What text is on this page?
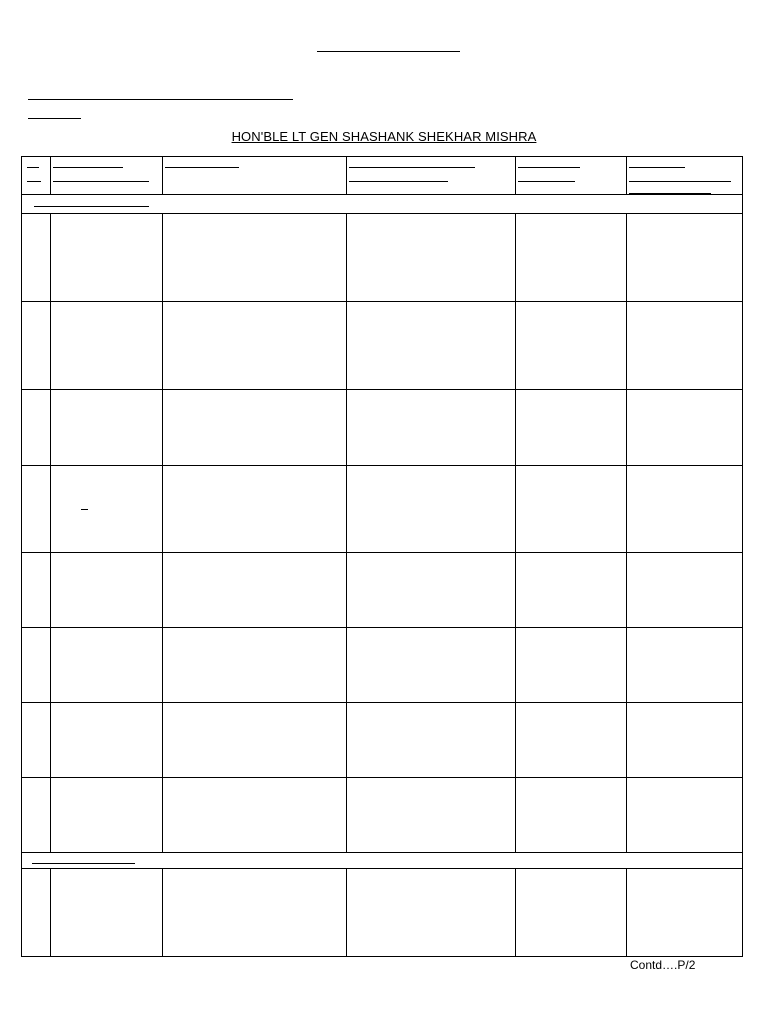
HON'BLE LT GEN SHASHANK SHEKHAR MISHRA

Contd….P/2
